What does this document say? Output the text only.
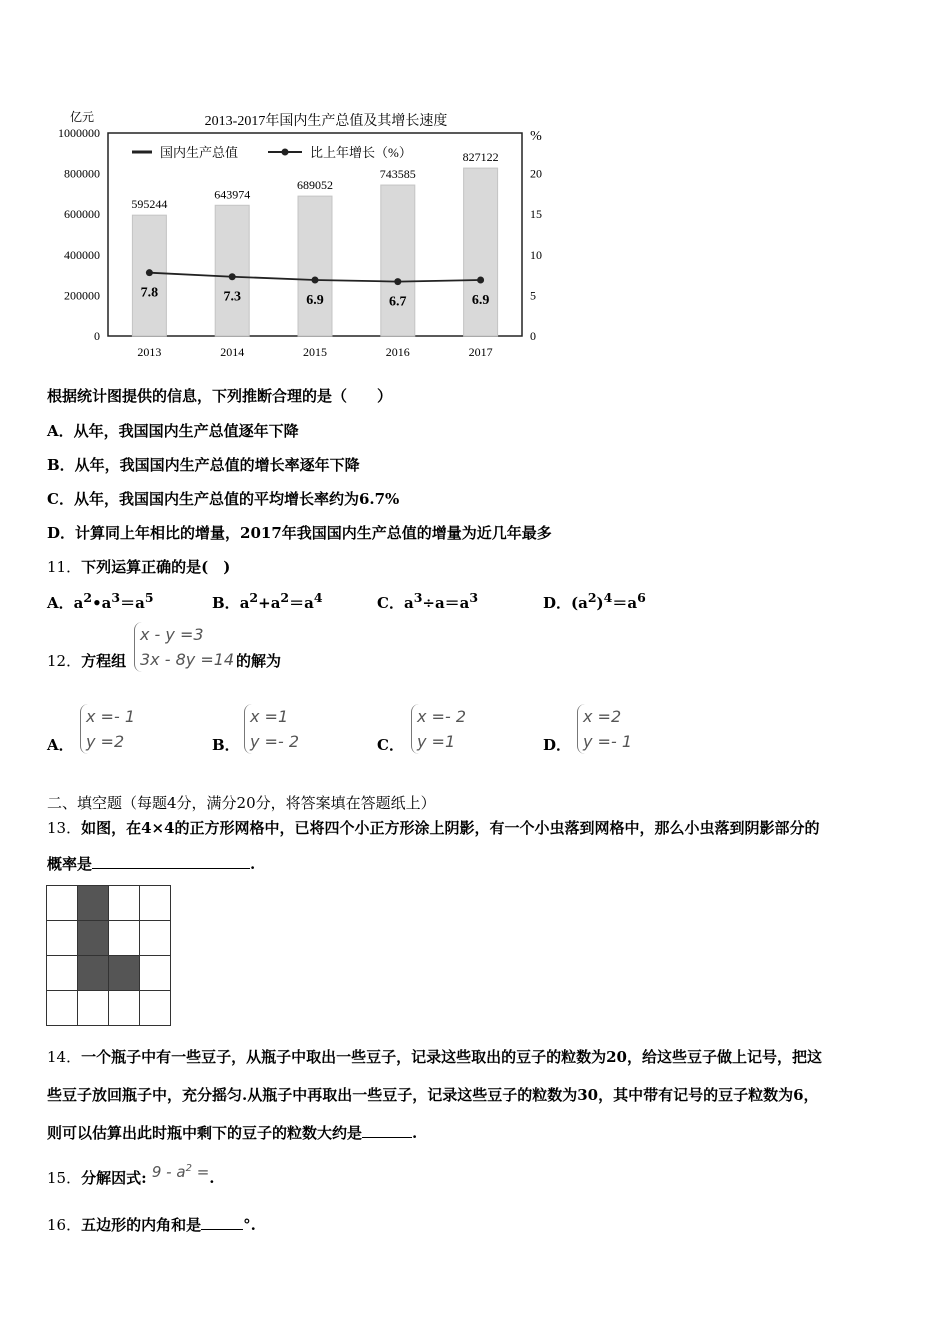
2013-2017年国内生产总值及其增长速度
亿元
%
595244
643974
689052
743585
827122
2013	2014	2015	2016	2017
1000000
800000
600000
400000
200000
0
20
15
10
5
0
7.8	7.3	6.9	6.7	6.9
国内生产总值	比上年增长（%）
根据统计图提供的信息，下列推断合理的是（　　）
A．从年，我国国内生产总值逐年下降
B．从年，我国国内生产总值的增长率逐年下降
C．从年，我国国内生产总值的平均增长率约为6.7%
D．计算同上年相比的增量，2017年我国国内生产总值的增量为近几年最多
11．下列运算正确的是(　)
A．$a^2•a^3=a^5$	B．$a^2+a^2=a^4$	C．$a^3\div a=a^3$	D．$(a^2)^4=a^6$
12．方程组
x - y =3
3x - 8y =14 的解为
A．
x =- 1
y =2	B．
x =1
y =- 2	C．
x =- 2
y =1	D．
x =2
y =- 1
二、填空题（每题4分，满分20分，将答案填在答题纸上）
13．如图，在4×4的正方形网格中，已将四个小正方形涂上阴影，有一个小虫落到网格中，那么小虫落到阴影部分的
概率是	.

14．一个瓶子中有一些豆子，从瓶子中取出一些豆子，记录这些取出的豆子的粒数为20，给这些豆子做上记号，把这
些豆子放回瓶子中，充分摇匀.从瓶子中再取出一些豆子，记录这些豆子的粒数为30，其中带有记号的豆子粒数为6，
则可以估算出此时瓶中剩下的豆子的粒数大约是	.
15．分解因式: $9 - a^2$ =.
16．五边形的内角和是	°.
